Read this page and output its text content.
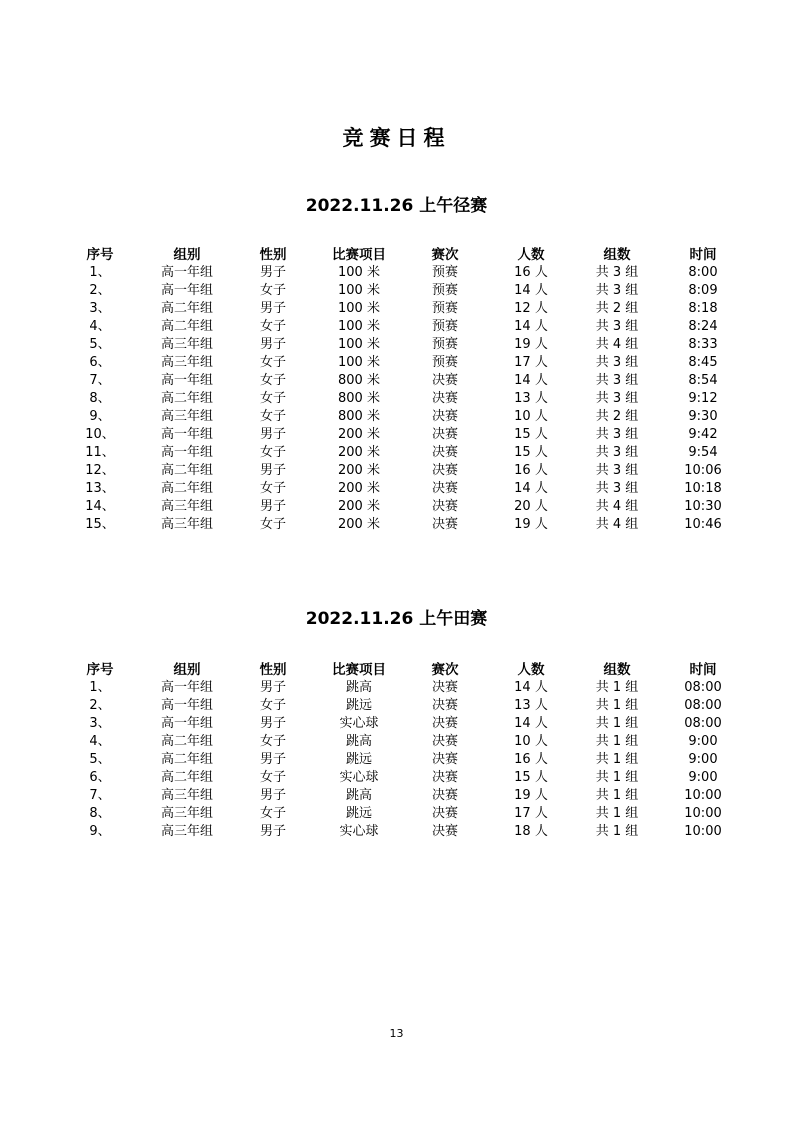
竞赛日程
2022.11.26 上午径赛
序号	组别	性别	比赛项目	赛次	人数	组数	时间
1、	高一年组	男子	100 米	预赛	16 人	共 3 组	8:00
2、	高一年组	女子	100 米	预赛	14 人	共 3 组	8:09
3、	高二年组	男子	100 米	预赛	12 人	共 2 组	8:18
4、	高二年组	女子	100 米	预赛	14 人	共 3 组	8:24
5、	高三年组	男子	100 米	预赛	19 人	共 4 组	8:33
6、	高三年组	女子	100 米	预赛	17 人	共 3 组	8:45
7、	高一年组	女子	800 米	决赛	14 人	共 3 组	8:54
8、	高二年组	女子	800 米	决赛	13 人	共 3 组	9:12
9、	高三年组	女子	800 米	决赛	10 人	共 2 组	9:30
10、	高一年组	男子	200 米	决赛	15 人	共 3 组	9:42
11、	高一年组	女子	200 米	决赛	15 人	共 3 组	9:54
12、	高二年组	男子	200 米	决赛	16 人	共 3 组	10:06
13、	高二年组	女子	200 米	决赛	14 人	共 3 组	10:18
14、	高三年组	男子	200 米	决赛	20 人	共 4 组	10:30
15、	高三年组	女子	200 米	决赛	19 人	共 4 组	10:46
2022.11.26 上午田赛
序号	组别	性别	比赛项目	赛次	人数	组数	时间
1、	高一年组	男子	跳高	决赛	14 人	共 1 组	08:00
2、	高一年组	女子	跳远	决赛	13 人	共 1 组	08:00
3、	高一年组	男子	实心球	决赛	14 人	共 1 组	08:00
4、	高二年组	女子	跳高	决赛	10 人	共 1 组	9:00
5、	高二年组	男子	跳远	决赛	16 人	共 1 组	9:00
6、	高二年组	女子	实心球	决赛	15 人	共 1 组	9:00
7、	高三年组	男子	跳高	决赛	19 人	共 1 组	10:00
8、	高三年组	女子	跳远	决赛	17 人	共 1 组	10:00
9、	高三年组	男子	实心球	决赛	18 人	共 1 组	10:00
13
